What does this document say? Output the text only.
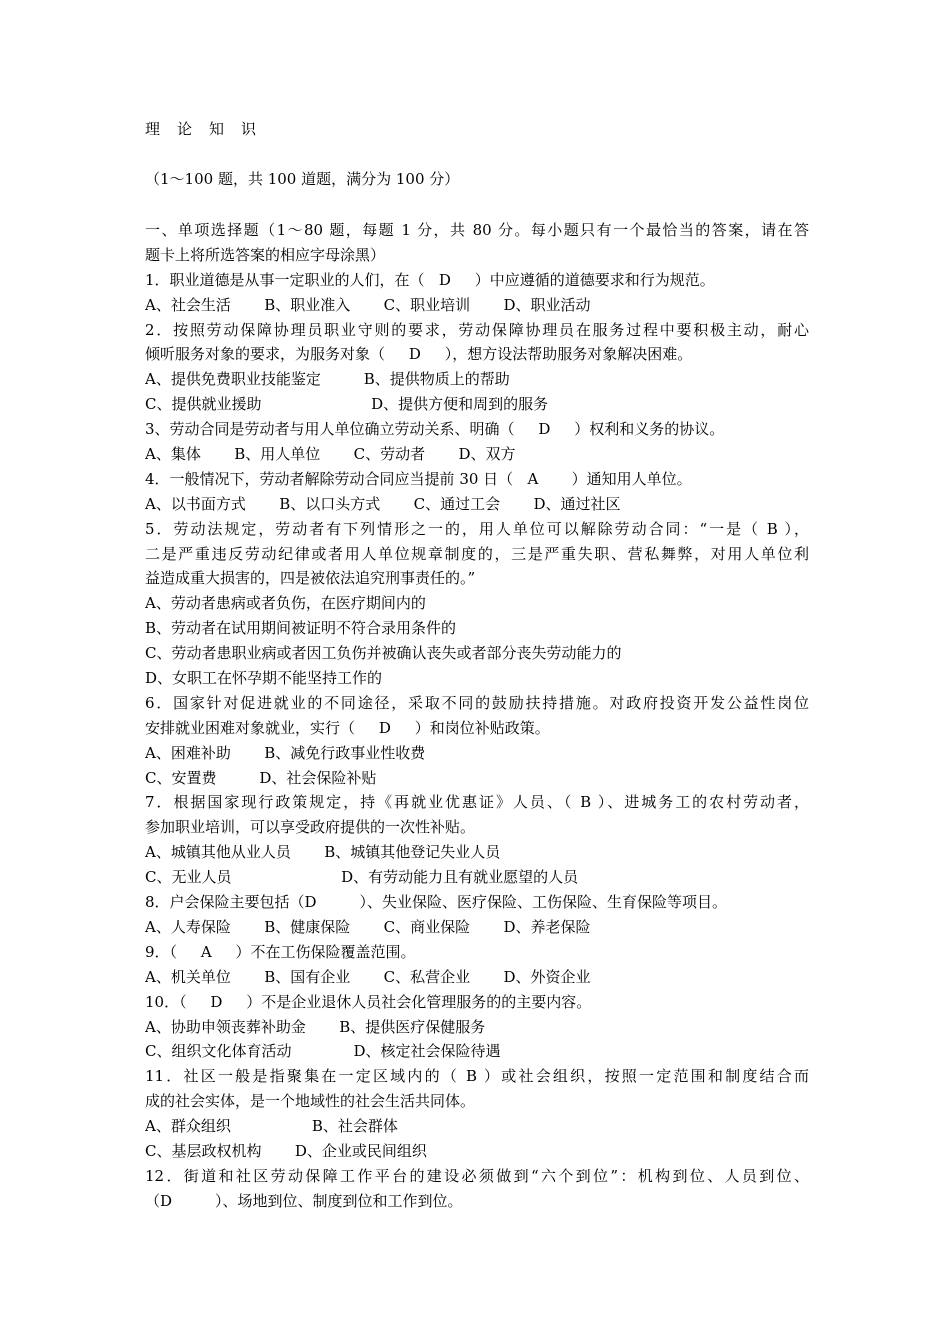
理论知识
（1～100 题，共 100 道题，满分为 100 分）
一、单项选择题（1～80 题，每题 1 分，共 80 分。每小题只有一个最恰当的答案，请在答
题卡上将所选答案的相应字母涂黑）
1．职业道德是从事一定职业的人们，在（   D     ）中应遵循的道德要求和行为规范。
A、社会生活       B、职业准入       C、职业培训       D、职业活动
2．按照劳动保障协理员职业守则的要求，劳动保障协理员在服务过程中要积极主动，耐心
倾听服务对象的要求，为服务对象（     D     ），想方设法帮助服务对象解决困难。
A、提供免费职业技能鉴定         B、提供物质上的帮助
C、提供就业援助                       D、提供方便和周到的服务
3、劳动合同是劳动者与用人单位确立劳动关系、明确（     D     ）权利和义务的协议。
A、集体       B、用人单位       C、劳动者       D、双方
4．一般情况下，劳动者解除劳动合同应当提前 30 日（   A       ）通知用人单位。
A、以书面方式       B、以口头方式       C、通过工会       D、通过社区
5．劳动法规定，劳动者有下列情形之一的，用人单位可以解除劳动合同：“一是（ B ），
二是严重违反劳动纪律或者用人单位规章制度的，三是严重失职、营私舞弊，对用人单位利
益造成重大损害的，四是被依法追究刑事责任的。”
A、劳动者患病或者负伤，在医疗期间内的
B、劳动者在试用期间被证明不符合录用条件的
C、劳动者患职业病或者因工负伤并被确认丧失或者部分丧失劳动能力的
D、女职工在怀孕期不能坚持工作的
6．国家针对促进就业的不同途径，采取不同的鼓励扶持措施。对政府投资开发公益性岗位
安排就业困难对象就业，实行（     D     ）和岗位补贴政策。
A、困难补助       B、减免行政事业性收费
C、安置费         D、社会保险补贴
7．根据国家现行政策规定，持《再就业优惠证》人员、（ B ）、进城务工的农村劳动者，
参加职业培训，可以享受政府提供的一次性补贴。
A、城镇其他从业人员       B、城镇其他登记失业人员
C、无业人员                       D、有劳动能力且有就业愿望的人员
8．户会保险主要包括（D         ）、失业保险、医疗保险、工伤保险、生育保险等项目。
A、人寿保险       B、健康保险       C、商业保险       D、养老保险
9．（     A     ）不在工伤保险覆盖范围。
A、机关单位       B、国有企业       C、私营企业       D、外资企业
10．（     D     ）不是企业退休人员社会化管理服务的的主要内容。
A、协助申领丧葬补助金       B、提供医疗保健服务
C、组织文化体育活动             D、核定社会保险待遇
11．社区一般是指聚集在一定区域内的（ B ）或社会组织，按照一定范围和制度结合而
成的社会实体，是一个地域性的社会生活共同体。
A、群众组织                 B、社会群体
C、基层政权机构       D、企业或民间组织
12．街道和社区劳动保障工作平台的建设必须做到“六个到位”：机构到位、人员到位、
（D         ）、场地到位、制度到位和工作到位。
